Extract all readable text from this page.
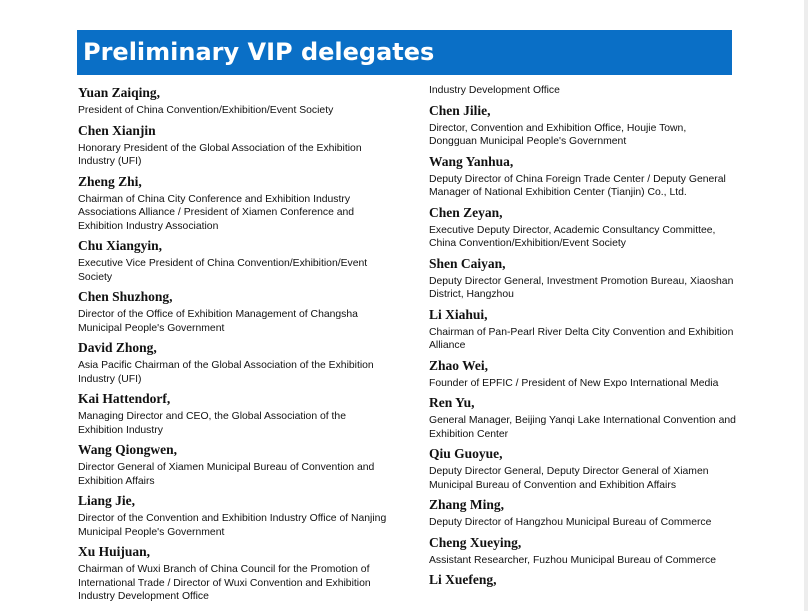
Preliminary VIP delegates
Yuan Zaiqing,
President of China Convention/Exhibition/Event Society
Chen Xianjin
Honorary President of the Global Association of the Exhibition Industry (UFI)
Zheng Zhi,
Chairman of China City Conference and Exhibition Industry Associations Alliance / President of Xiamen Conference and Exhibition Industry Association
Chu Xiangyin,
Executive Vice President of China Convention/Exhibition/Event Society
Chen Shuzhong,
Director of the Office of Exhibition Management of Changsha Municipal People's Government
David Zhong,
Asia Pacific Chairman of the Global Association of the Exhibition Industry (UFI)
Kai Hattendorf,
Managing Director and CEO, the Global Association of the Exhibition Industry
Wang Qiongwen,
Director General of Xiamen Municipal Bureau of Convention and Exhibition Affairs
Liang Jie,
Director of the Convention and Exhibition Industry Office of Nanjing Municipal People's Government
Xu Huijuan,
Chairman of Wuxi Branch of China Council for the Promotion of International Trade / Director of Wuxi Convention and Exhibition Industry Development Office
Industry Development Office
Chen Jilie,
Director, Convention and Exhibition Office, Houjie Town, Dongguan Municipal People's Government
Wang Yanhua,
Deputy Director of China Foreign Trade Center / Deputy General Manager of National Exhibition Center (Tianjin) Co., Ltd.
Chen Zeyan,
Executive Deputy Director, Academic Consultancy Committee, China Convention/Exhibition/Event Society
Shen Caiyan,
Deputy Director General, Investment Promotion Bureau, Xiaoshan District, Hangzhou
Li Xiahui,
Chairman of Pan-Pearl River Delta City Convention and Exhibition Alliance
Zhao Wei,
Founder of EPFIC / President of New Expo International Media
Ren Yu,
General Manager, Beijing Yanqi Lake International Convention and Exhibition Center
Qiu Guoyue,
Deputy Director General, Deputy Director General of Xiamen Municipal Bureau of Convention and Exhibition Affairs
Zhang Ming,
Deputy Director of Hangzhou Municipal Bureau of Commerce
Cheng Xueying,
Assistant Researcher, Fuzhou Municipal Bureau of Commerce
Li Xuefeng,
